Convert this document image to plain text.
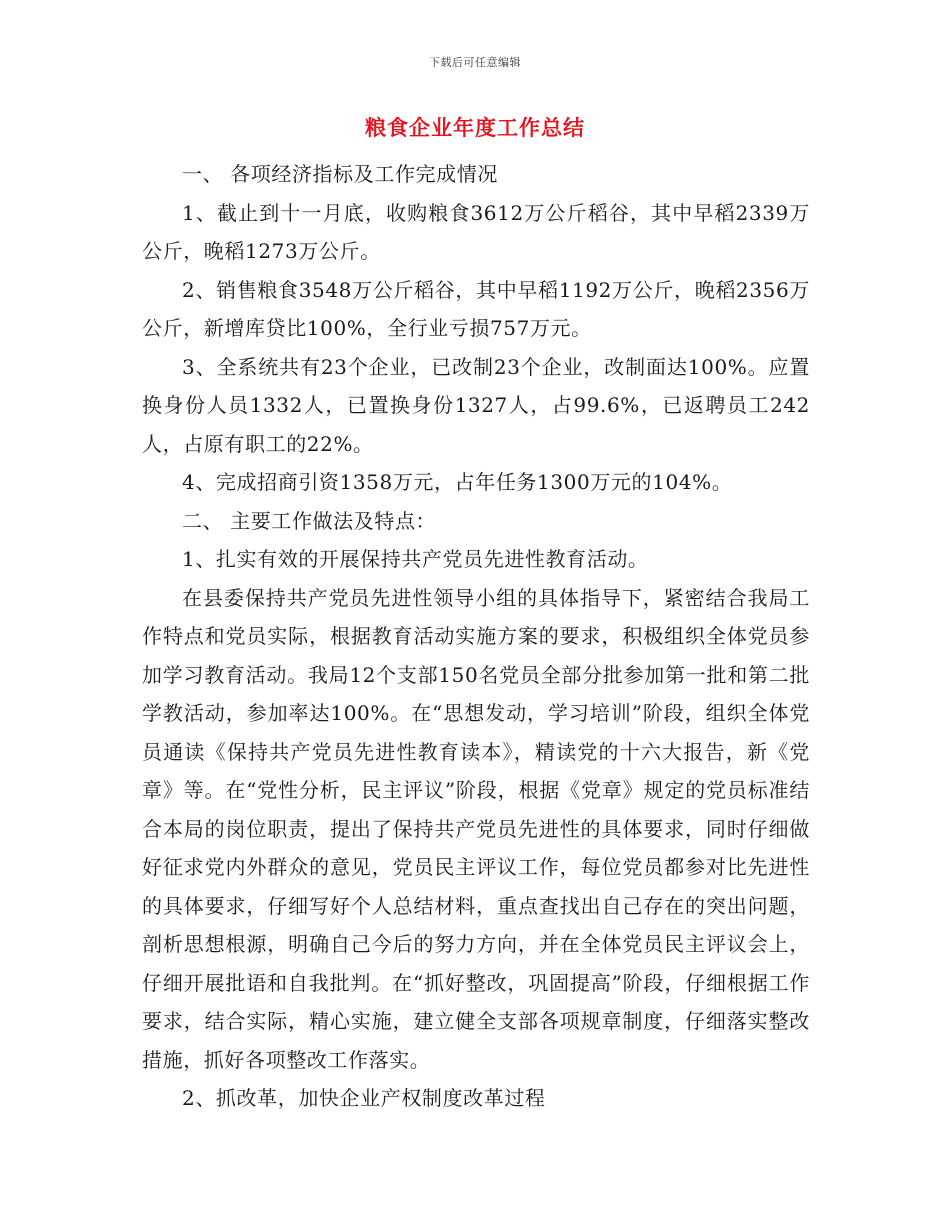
下载后可任意编辑
粮食企业年度工作总结

一、 各项经济指标及工作完成情况

1、截止到十一月底，收购粮食3612万公斤稻谷，其中早稻2339万公斤，晚稻1273万公斤。

2、销售粮食3548万公斤稻谷，其中早稻1192万公斤，晚稻2356万公斤，新增库贷比100%，全行业亏损757万元。

3、全系统共有23个企业，已改制23个企业，改制面达100%。应置换身份人员1332人，已置换身份1327人，占99.6%，已返聘员工242人，占原有职工的22%。

4、完成招商引资1358万元，占年任务1300万元的104%。

二、 主要工作做法及特点：

1、扎实有效的开展保持共产党员先进性教育活动。

在县委保持共产党员先进性领导小组的具体指导下，紧密结合我局工作特点和党员实际，根据教育活动实施方案的要求，积极组织全体党员参加学习教育活动。我局12个支部150名党员全部分批参加第一批和第二批学教活动，参加率达100%。在“思想发动，学习培训”阶段，组织全体党员通读《保持共产党员先进性教育读本》，精读党的十六大报告，新《党章》等。在“党性分析，民主评议”阶段，根据《党章》规定的党员标准结合本局的岗位职责，提出了保持共产党员先进性的具体要求，同时仔细做好征求党内外群众的意见，党员民主评议工作，每位党员都参对比先进性的具体要求，仔细写好个人总结材料，重点查找出自己存在的突出问题，剖析思想根源，明确自己今后的努力方向，并在全体党员民主评议会上，仔细开展批语和自我批判。在“抓好整改，巩固提高”阶段，仔细根据工作要求，结合实际，精心实施，建立健全支部各项规章制度，仔细落实整改措施，抓好各项整改工作落实。

2、抓改革，加快企业产权制度改革过程
